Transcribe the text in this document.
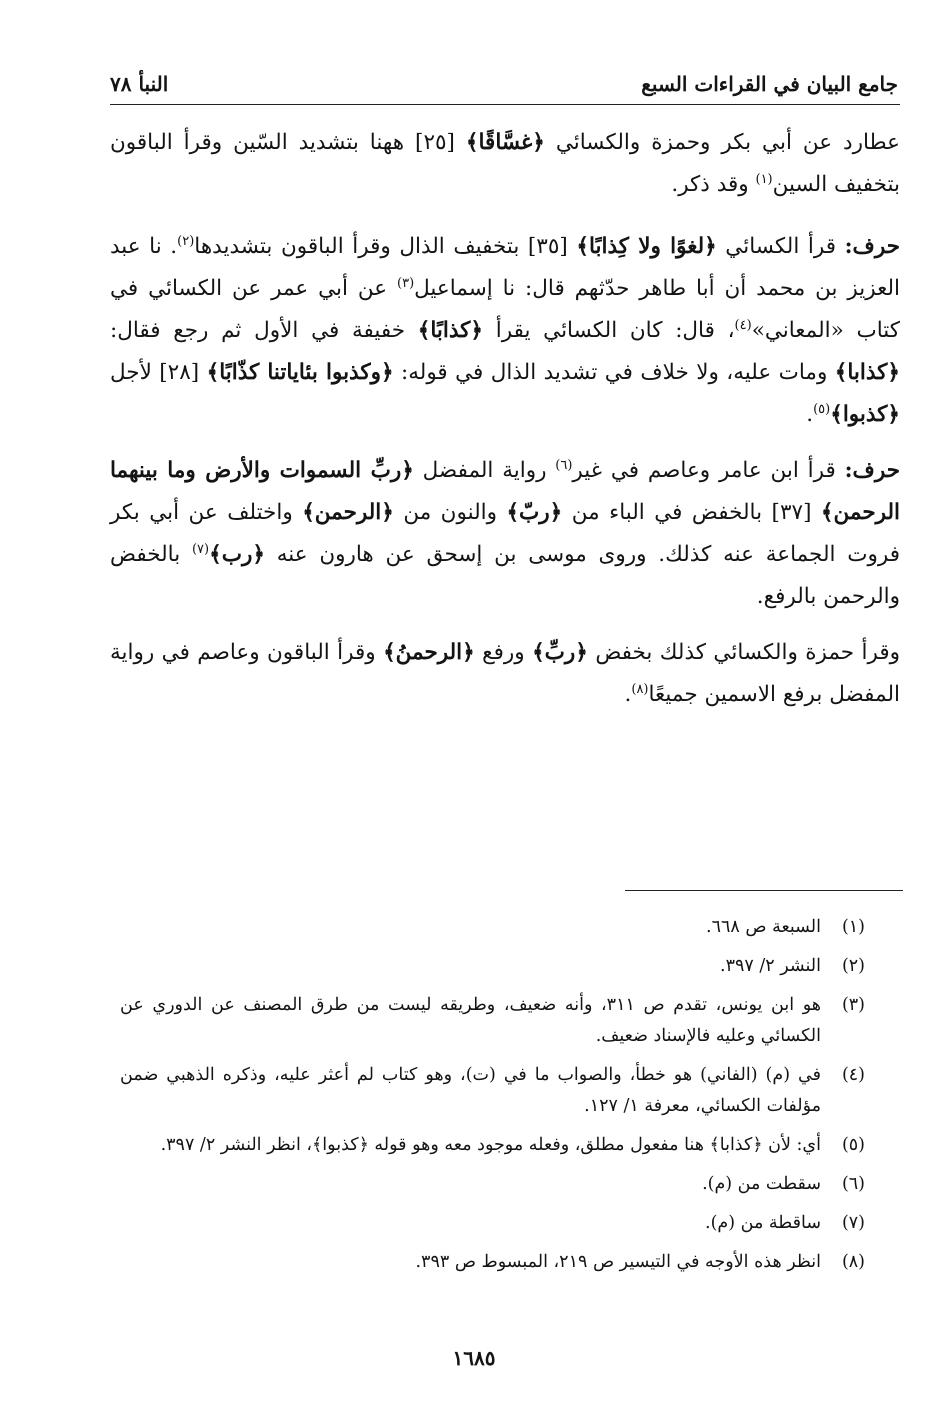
جامع البيان في القراءات السبع
النبأ ٧٨

عطارد عن أبي بكر وحمزة والكسائي ﴿غسَّاقًا﴾ [٢٥] ههنا بتشديد السّين وقرأ الباقون بتخفيف السين$^{(١)}$ وقد ذكر.

حرف: قرأ الكسائي ﴿لغوًا ولا كِذابًا﴾ [٣٥] بتخفيف الذال وقرأ الباقون بتشديدها$^{(٢)}$. نا عبد العزيز بن محمد أن أبا طاهر حدّثهم قال: نا إسماعيل$^{(٣)}$ عن أبي عمر عن الكسائي في كتاب «المعاني»$^{(٤)}$، قال: كان الكسائي يقرأ ﴿كذابًا﴾ خفيفة في الأول ثم رجع فقال: ﴿كذابا﴾ ومات عليه، ولا خلاف في تشديد الذال في قوله: ﴿وكذبوا بئاياتنا كذّابًا﴾ [٢٨] لأجل ﴿كذبوا﴾$^{(٥)}$.

حرف: قرأ ابن عامر وعاصم في غير$^{(٦)}$ رواية المفضل ﴿ربِّ السموات والأرض وما بينهما الرحمن﴾ [٣٧] بالخفض في الباء من ﴿ربّ﴾ والنون من ﴿الرحمن﴾ واختلف عن أبي بكر فروت الجماعة عنه كذلك. وروى موسى بن إسحق عن هارون عنه ﴿رب﴾$^{(٧)}$ بالخفض والرحمن بالرفع.

وقرأ حمزة والكسائي كذلك بخفض ﴿ربِّ﴾ ورفع ﴿الرحمنُ﴾ وقرأ الباقون وعاصم في رواية المفضل برفع الاسمين جميعًا$^{(٨)}$.

(١)
السبعة ص ٦٦٨.
(٢)
النشر ٢/ ٣٩٧.
(٣)
هو ابن يونس، تقدم ص ٣١١، وأنه ضعيف، وطريقه ليست من طرق المصنف عن الدوري عن الكسائي وعليه فالإسناد ضعيف.
(٤)
في (م) (الفاني) هو خطأ، والصواب ما في (ت)، وهو كتاب لم أعثر عليه، وذكره الذهبي ضمن مؤلفات الكسائي، معرفة ١/ ١٢٧.
(٥)
أي: لأن ﴿كذابا﴾ هنا مفعول مطلق، وفعله موجود معه وهو قوله ﴿كذبوا﴾، انظر النشر ٢/ ٣٩٧.
(٦)
سقطت من (م).
(٧)
ساقطة من (م).
(٨)
انظر هذه الأوجه في التيسير ص ٢١٩، المبسوط ص ٣٩٣.
١٦٨٥
